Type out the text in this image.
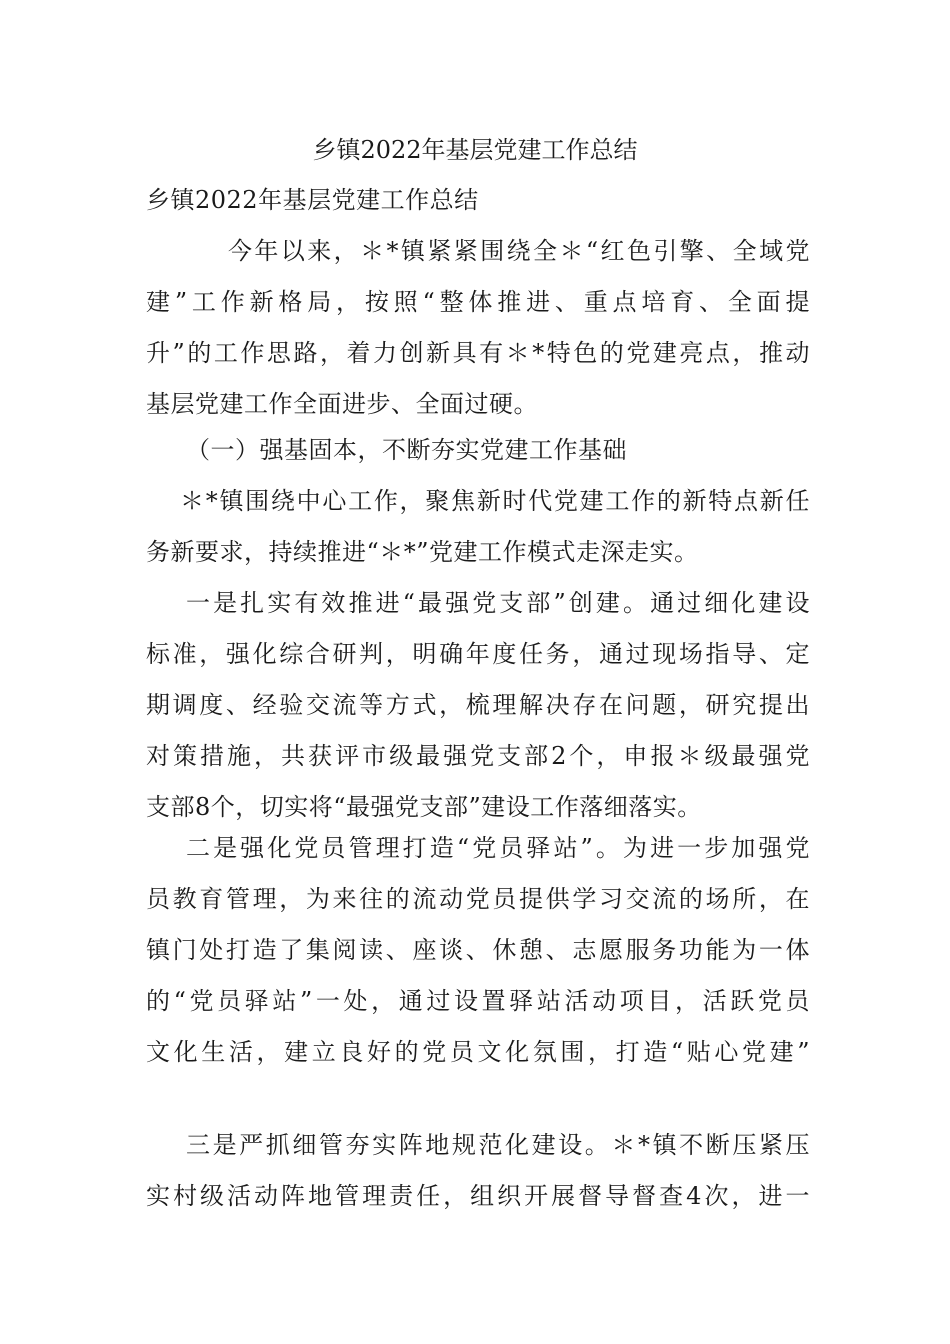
乡镇2022年基层党建工作总结
乡镇2022年基层党建工作总结
今年以来，＊*镇紧紧围绕全＊“红色引擎、全域党
建”工作新格局，按照“整体推进、重点培育、全面提
升”的工作思路，着力创新具有＊*特色的党建亮点，推动
基层党建工作全面进步、全面过硬。
（一）强基固本，不断夯实党建工作基础
＊*镇围绕中心工作，聚焦新时代党建工作的新特点新任
务新要求，持续推进“＊*”党建工作模式走深走实。
一是扎实有效推进“最强党支部”创建。通过细化建设
标准，强化综合研判，明确年度任务，通过现场指导、定
期调度、经验交流等方式，梳理解决存在问题，研究提出
对策措施，共获评市级最强党支部2个，申报＊级最强党
支部8个，切实将“最强党支部”建设工作落细落实。
二是强化党员管理打造“党员驿站”。为进一步加强党
员教育管理，为来往的流动党员提供学习交流的场所，在
镇门处打造了集阅读、座谈、休憩、志愿服务功能为一体
的“党员驿站”一处，通过设置驿站活动项目，活跃党员
文化生活，建立良好的党员文化氛围，打造“贴心党建”
三是严抓细管夯实阵地规范化建设。＊*镇不断压紧压
实村级活动阵地管理责任，组织开展督导督查4次，进一
